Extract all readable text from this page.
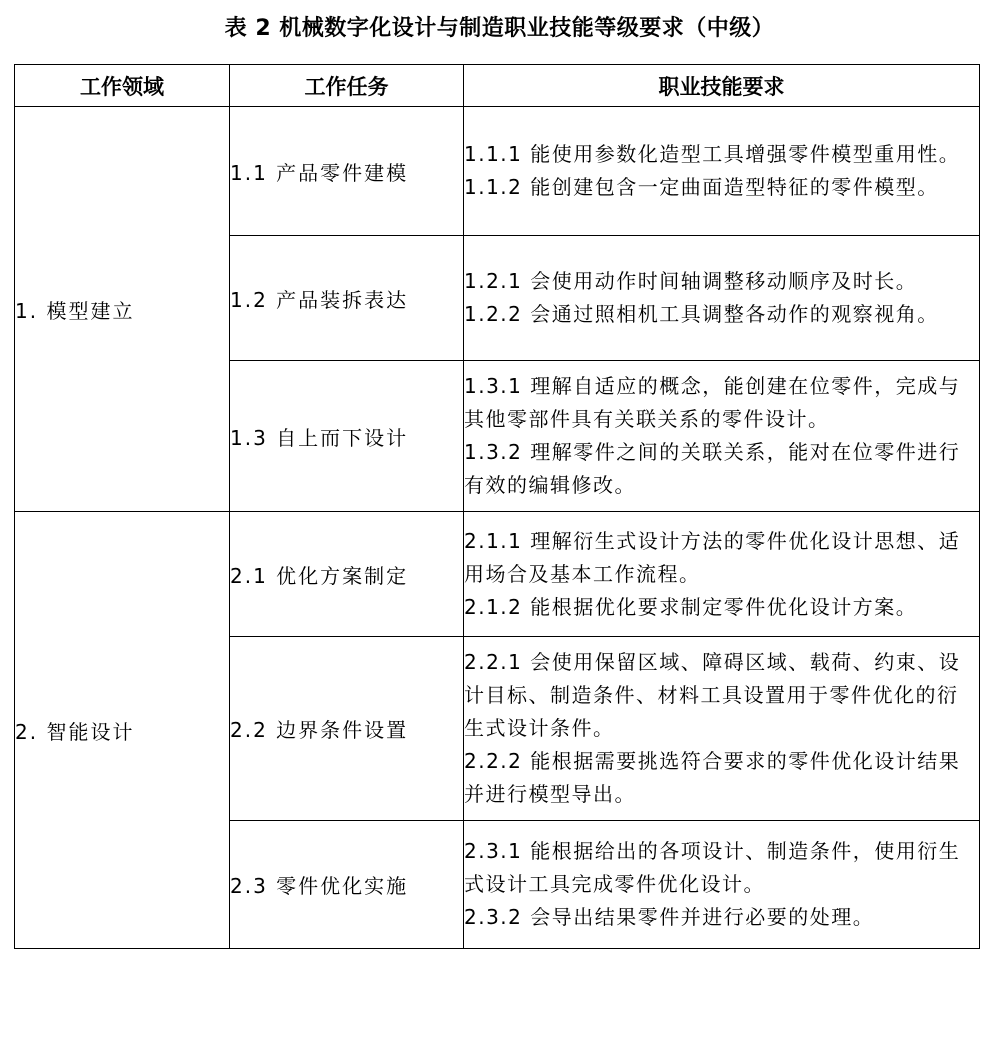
表 2 机械数字化设计与制造职业技能等级要求（中级）
工作领域	工作任务	职业技能要求
1. 模型建立	1.1 产品零件建模	1.1.1 能使用参数化造型工具增强零件模型重用性。

1.1.2 能创建包含一定曲面造型特征的零件模型。

	1.2 产品装拆表达	1.2.1 会使用动作时间轴调整移动顺序及时长。

1.2.2 会通过照相机工具调整各动作的观察视角。

	1.3 自上而下设计	1.3.1 理解自适应的概念，能创建在位零件，完成与其他零部件具有关联关系的零件设计。

1.3.2 理解零件之间的关联关系，能对在位零件进行有效的编辑修改。

2. 智能设计	2.1 优化方案制定	2.1.1 理解衍生式设计方法的零件优化设计思想、适用场合及基本工作流程。

2.1.2 能根据优化要求制定零件优化设计方案。

	2.2 边界条件设置	2.2.1 会使用保留区域、障碍区域、载荷、约束、设计目标、制造条件、材料工具设置用于零件优化的衍生式设计条件。

2.2.2 能根据需要挑选符合要求的零件优化设计结果并进行模型导出。

	2.3 零件优化实施	2.3.1 能根据给出的各项设计、制造条件，使用衍生式设计工具完成零件优化设计。

2.3.2 会导出结果零件并进行必要的处理。
